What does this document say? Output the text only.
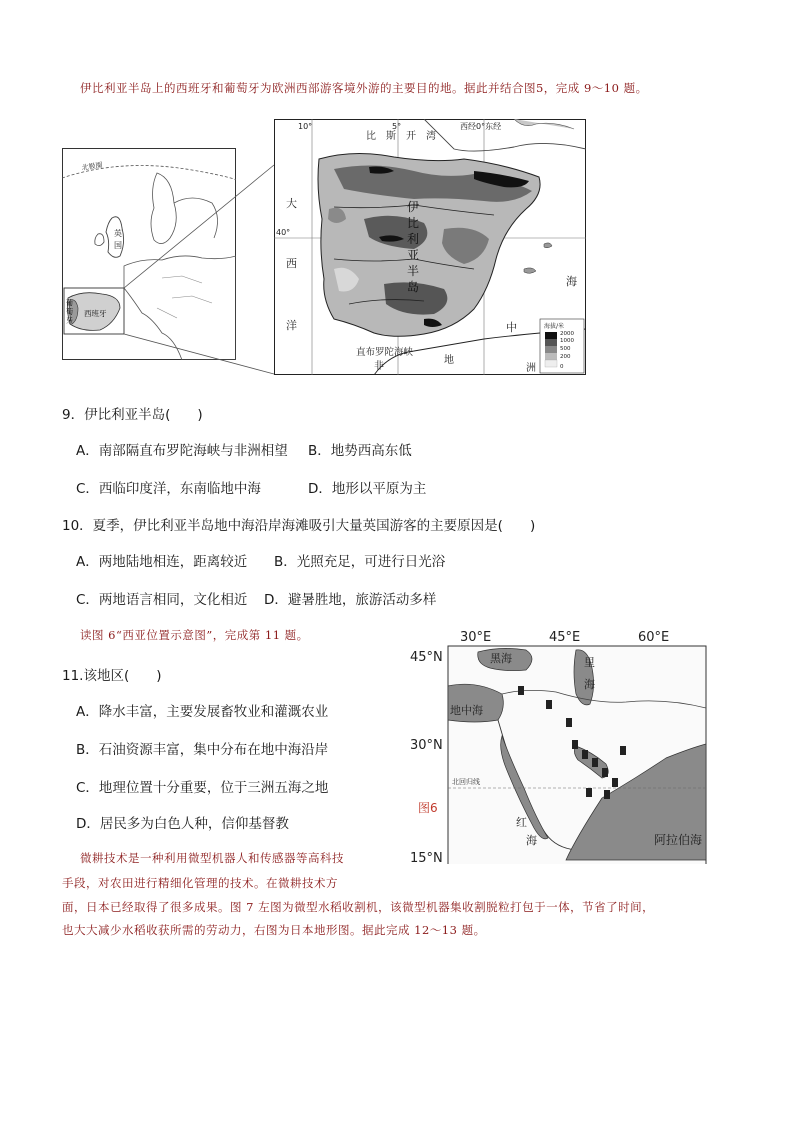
伊比利亚半岛上的西班牙和葡萄牙为欧洲西部游客境外游的主要目的地。据此并结合图5，完成 9～10 题。
北极圈
英
国
葡
萄
牙
西班牙
10°	5°	西经0°东经
40°
比　斯　开　湾
大
西
洋
伊
比
利
亚
半
岛	海
中
直布罗陀海峡
非	洲
地
海拔/米
2000
1000
500
200
0
9．伊比利亚半岛(　　)
A．南部隔直布罗陀海峡与非洲相望 B．地势西高东低
C．西临印度洋，东南临地中海	D．地形以平原为主
10．夏季，伊比利亚半岛地中海沿岸海滩吸引大量英国游客的主要原因是(　　)
A．两地陆地相连，距离较近 B．光照充足，可进行日光浴
C．两地语言相同，文化相近 D．避暑胜地，旅游活动多样
读图 6“西亚位置示意图”，完成第 11 题。
11.该地区(　　)
A．降水丰富，主要发展畜牧业和灌溉农业
B．石油资源丰富，集中分布在地中海沿岸
C．地理位置十分重要，位于三洲五海之地
D．居民多为白色人种，信仰基督教
30°E	45°E	60°E
45°N
30°N
15°N
黑海	里
海
地中海
红
海	阿拉伯海
北回归线
图6
微耕技术是一种利用微型机器人和传感器等高科技
手段，对农田进行精细化管理的技术。在微耕技术方
面，日本已经取得了很多成果。图 7 左图为微型水稻收割机，该微型机器集收割脱粒打包于一体，节省了时间，
也大大减少水稻收获所需的劳动力，右图为日本地形图。据此完成 12～13 题。
